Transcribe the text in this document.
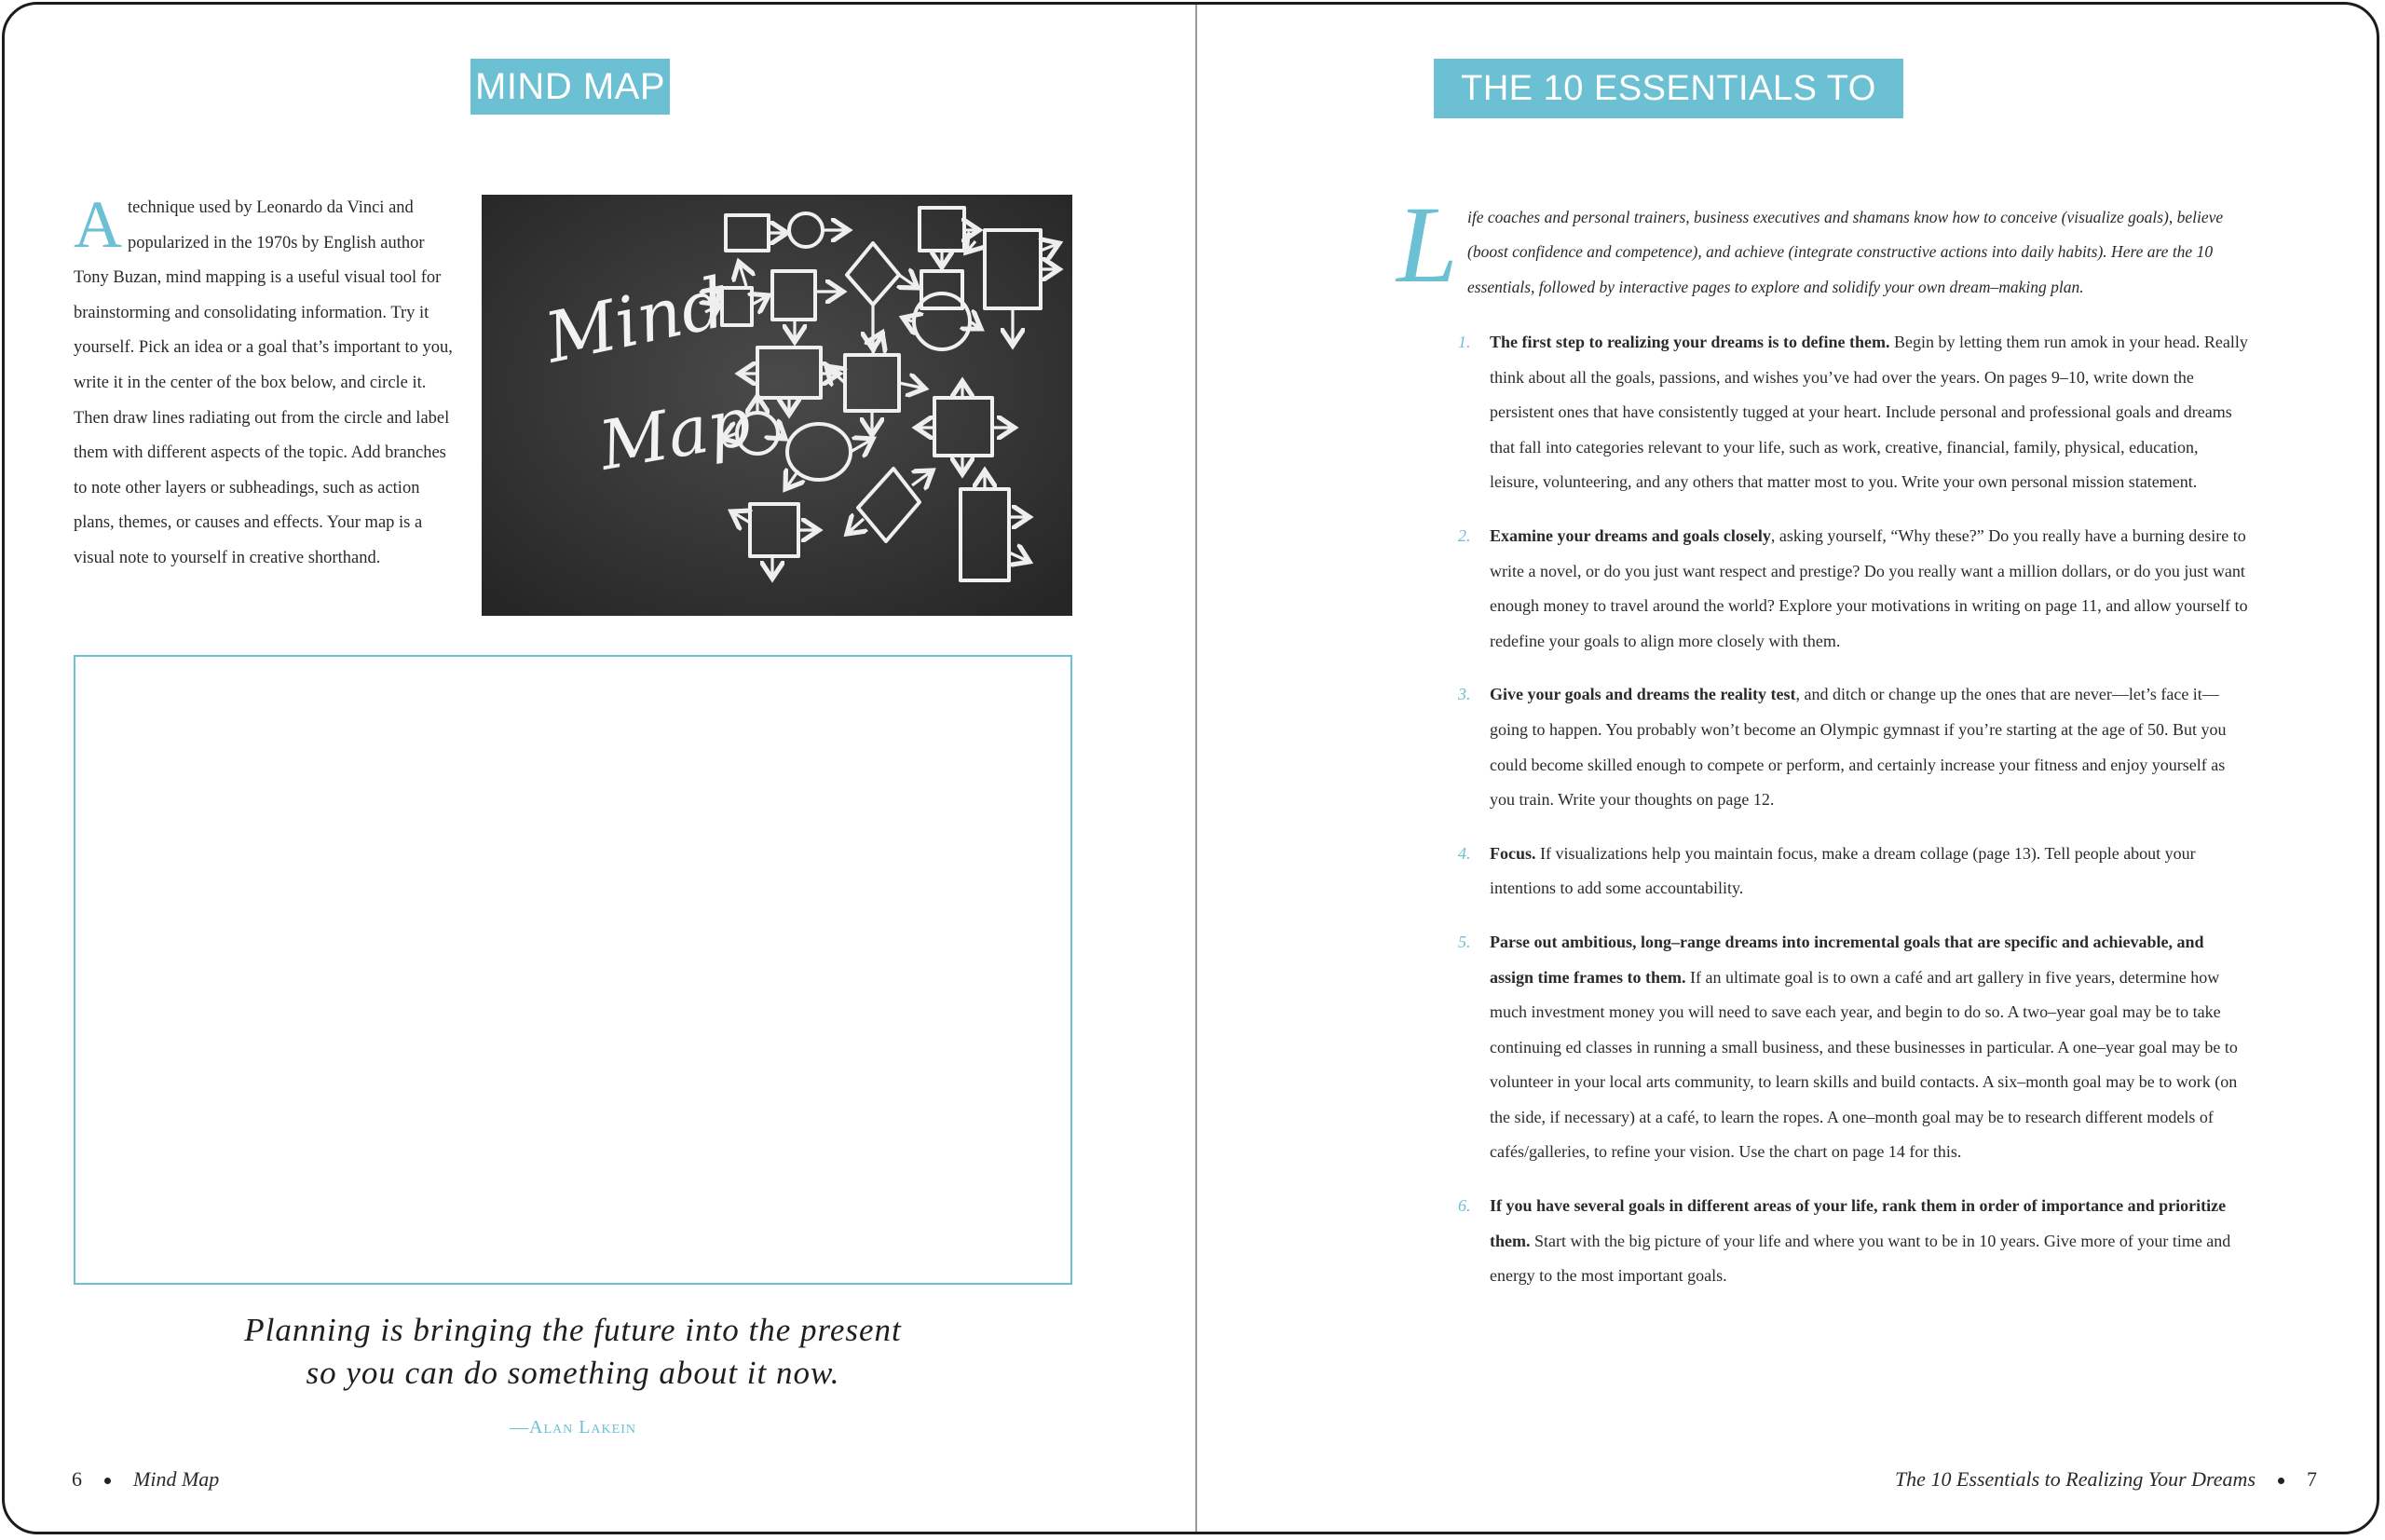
MIND MAP
Atechnique used by Leonardo da Vinci and popularized in the 1970s by English author Tony Buzan, mind mapping is a useful visual tool for brainstorming and consolidating information. Try it yourself. Pick an idea or a goal that’s important to you, write it in the center of the box below, and circle it. Then draw lines radiating out from the circle and label them with different aspects of the topic. Add branches to note other layers or subheadings, such as action plans, themes, or causes and effects. Your map is a visual note to yourself in creative shorthand.
Mind
Map
Planning is bringing the future into the present
so you can do something about it now.
—Alan Lakein
6	Mind Map
THE 10 ESSENTIALS TO REALIZING YOUR DREAMS
L ife coaches and personal trainers, business executives and shamans know how to conceive (visualize goals), believe (boost confidence and competence), and achieve (integrate constructive actions into daily habits). Here are the 10 essentials, followed by interactive pages to explore and solidify your own dream–making plan.

1. The first step to realizing your dreams is to define them. Begin by letting them run amok in your head. Really think about all the goals, passions, and wishes you’ve had over the years. On pages 9–10, write down the persistent ones that have consistently tugged at your heart. Include personal and professional goals and dreams that fall into categories relevant to your life, such as work, creative, financial, family, physical, education, leisure, volunteering, and any others that matter most to you. Write your own personal mission statement.
2. Examine your dreams and goals closely, asking yourself, “Why these?” Do you really have a burning desire to write a novel, or do you just want respect and prestige? Do you really want a million dollars, or do you just want enough money to travel around the world? Explore your motivations in writing on page 11, and allow yourself to redefine your goals to align more closely with them.
3. Give your goals and dreams the reality test, and ditch or change up the ones that are never—let’s face it—going to happen. You probably won’t become an Olympic gymnast if you’re starting at the age of 50. But you could become skilled enough to compete or perform, and certainly increase your fitness and enjoy yourself as you train. Write your thoughts on page 12.
4. Focus. If visualizations help you maintain focus, make a dream collage (page 13). Tell people about your intentions to add some accountability.
5. Parse out ambitious, long–range dreams into incremental goals that are specific and achievable, and assign time frames to them. If an ultimate goal is to own a café and art gallery in five years, determine how much investment money you will need to save each year, and begin to do so. A two–year goal may be to take continuing ed classes in running a small business, and these businesses in particular. A one–year goal may be to volunteer in your local arts community, to learn skills and build contacts. A six–month goal may be to work (on the side, if necessary) at a café, to learn the ropes. A one–month goal may be to research different models of cafés/galleries, to refine your vision. Use the chart on page 14 for this.
6. If you have several goals in different areas of your life, rank them in order of importance and prioritize them. Start with the big picture of your life and where you want to be in 10 years. Give more of your time and energy to the most important goals.
The 10 Essentials to Realizing Your Dreams	7
